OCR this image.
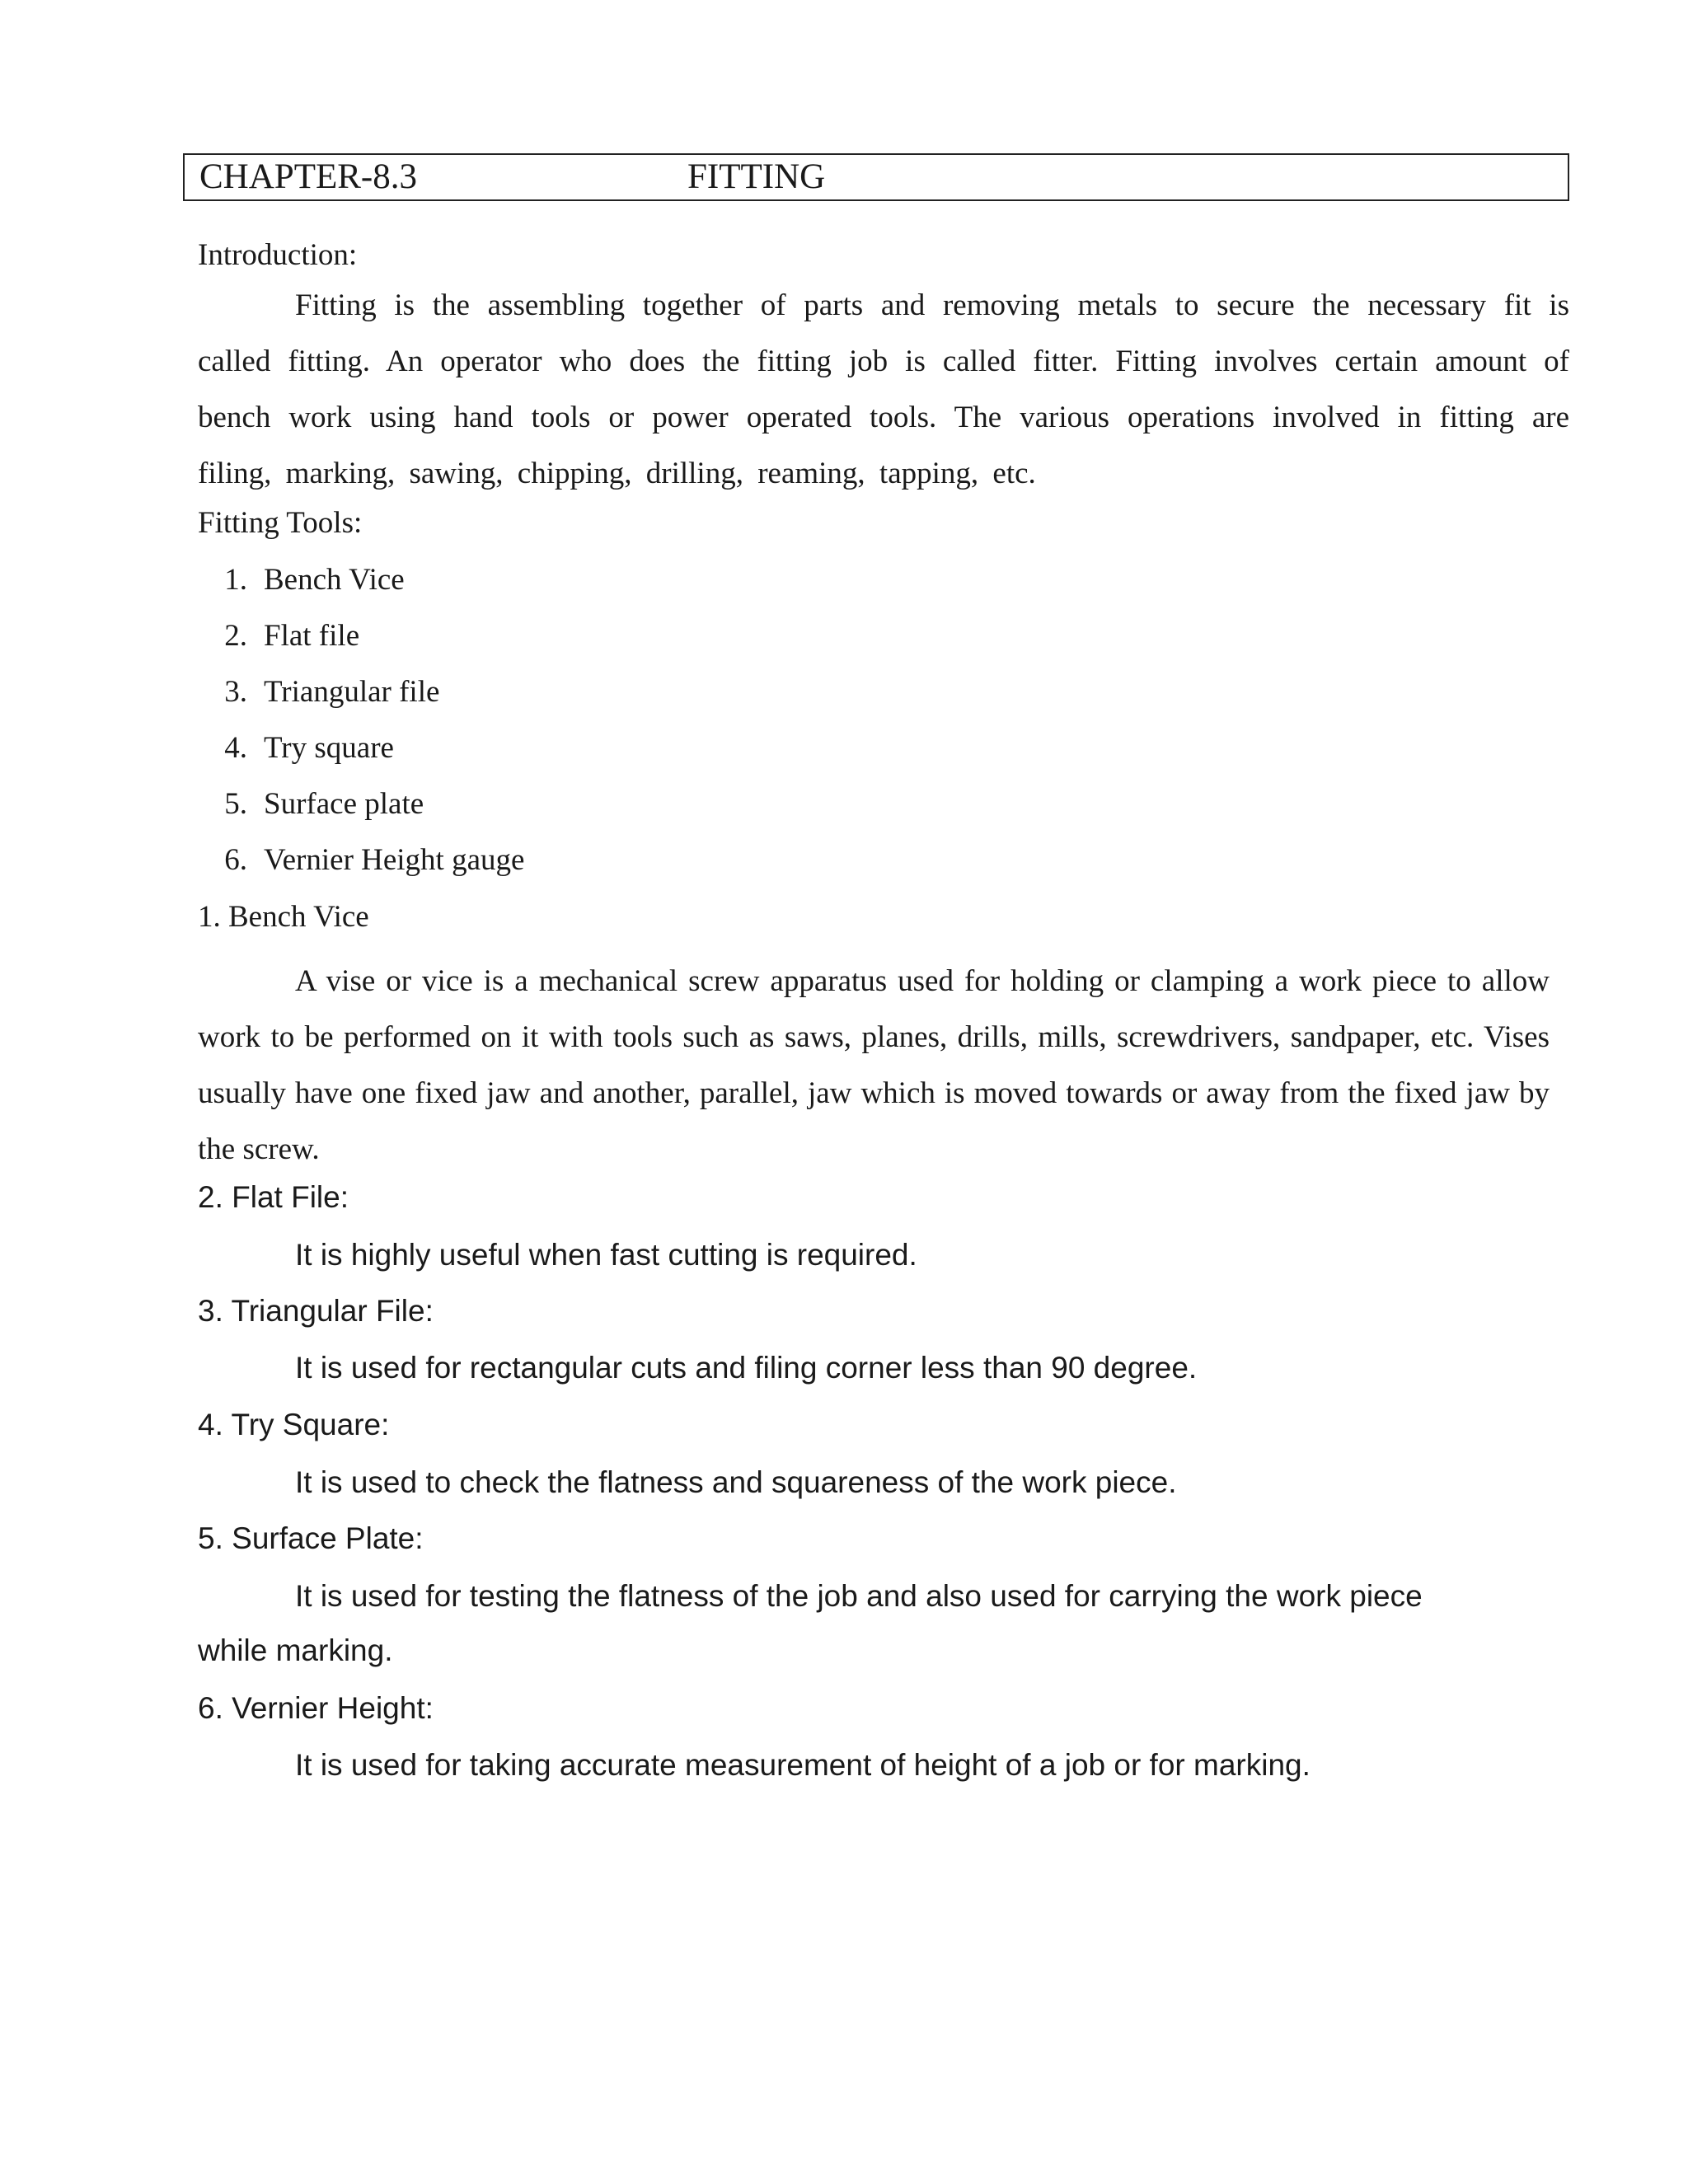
CHAPTER-8.3	FITTING
Introduction:
Fitting is the assembling together of parts and removing metals to secure the necessary fit is called fitting. An operator who does the fitting job is called fitter. Fitting involves certain amount of bench work using hand tools or power operated tools. The various operations involved in fitting are filing, marking, sawing, chipping, drilling, reaming, tapping, etc.
Fitting Tools:
1. Bench Vice
2. Flat file
3. Triangular file
4. Try square
5. Surface plate
6. Vernier Height gauge
1. Bench Vice
A vise or vice is a mechanical screw apparatus used for holding or clamping a work piece to allow work to be performed on it with tools such as saws, planes, drills, mills, screwdrivers, sandpaper, etc. Vises usually have one fixed jaw and another, parallel, jaw which is moved towards or away from the fixed jaw by the screw.
2. Flat File:
It is highly useful when fast cutting is required.
3. Triangular File:
It is used for rectangular cuts and filing corner less than 90 degree.
4. Try Square:
It is used to check the flatness and squareness of the work piece.
5. Surface Plate:
It is used for testing the flatness of the job and also used for carrying the work piece
while marking.
6. Vernier Height:
It is used for taking accurate measurement of height of a job or for marking.
